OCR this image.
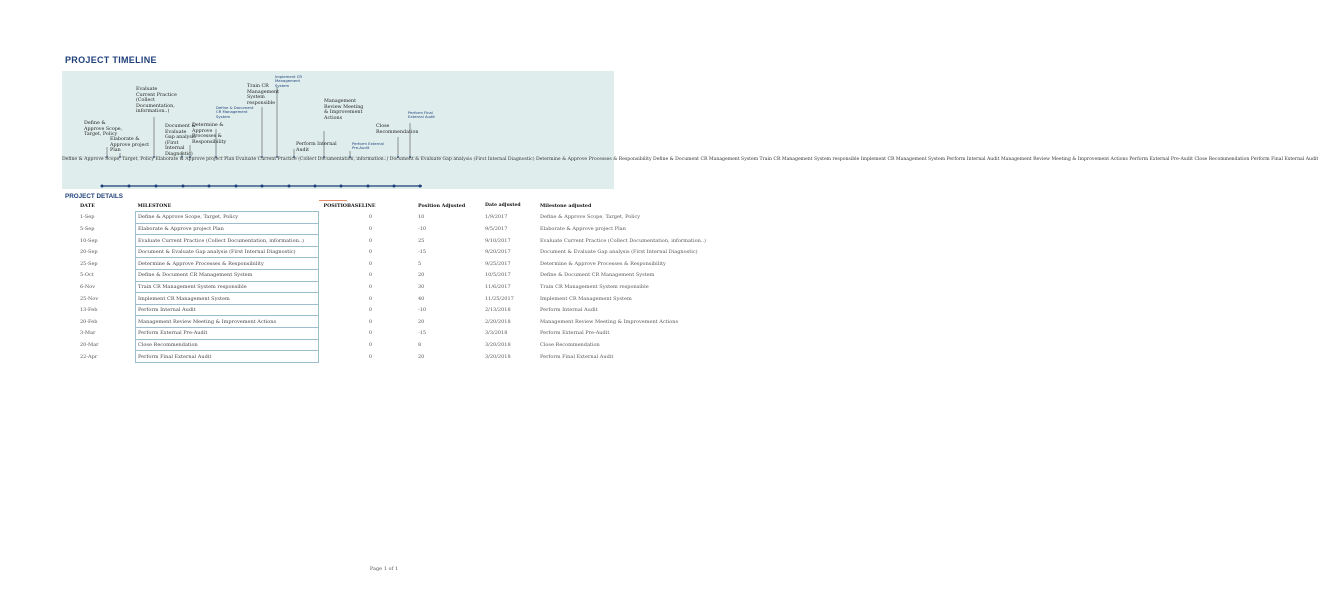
PROJECT TIMELINE
Define & Approve Scope, Target, Policy
Elaborate & Approve project Plan
Evaluate Current Practice (Collect Documentation, information..)
Document & Evaluate Gap analysis (First Internal Diagnostic)
Determine & Approve Processes & Responsibility
Define & Document CR Management System
Train CR Management System responsible
Implement CR Management System
Perform Internal Audit
Management Review Meeting & Improvement Actions
Perform External Pre-Audit
Close Recommendation
Perform Final External Audit
Define & Approve Scope, Target, Policy Elaborate & Approve project Plan Evaluate Current Practice (Collect Documentation, information..) Document & Evaluate Gap analysis (First Internal Diagnostic) Determine & Approve Processes & Responsibility Define & Document CR Management System Train CR Management System responsible Implement CR Management System Perform Internal Audit Management Review Meeting & Improvement Actions Perform External Pre-Audit Close Recommendation Perform Final External Audit
PROJECT DETAILS
DATE	MILESTONE	POSITIO	BASELINE	Position Adjusted	Date adjusted	Milestone adjusted
1-Sep	Define & Approve Scope, Target, Policy		0	10	1/9/2017	Define & Approve Scope, Target, Policy
5-Sep	Elaborate & Approve project Plan		0	-10	9/5/2017	Elaborate & Approve project Plan
10-Sep	Evaluate Current Practice (Collect Documentation, information..)		0	25	9/10/2017	Evaluate Current Practice (Collect Documentation, information..)
20-Sep	Document & Evaluate Gap analysis (First Internal Diagnostic)		0	-15	9/20/2017	Document & Evaluate Gap analysis (First Internal Diagnostic)
25-Sep	Determine & Approve Processes & Responsibility		0	5	9/25/2017	Determine & Approve Processes & Responsibility
5-Oct	Define & Document CR Management System		0	20	10/5/2017	Define & Document CR Management System
6-Nov	Train CR Management System responsible		0	30	11/6/2017	Train CR Management System responsible
25-Nov	Implement CR Management System		0	40	11/25/2017	Implement CR Management System
13-Feb	Perform Internal Audit		0	-10	2/13/2018	Perform Internal Audit
20-Feb	Management Review Meeting & Improvement Actions		0	20	2/20/2018	Management Review Meeting & Improvement Actions
3-Mar	Perform External Pre-Audit		0	-15	3/3/2018	Perform External Pre-Audit
20-Mar	Close Recommendation		0	8	3/20/2018	Close Recommendation
22-Apr	Perform Final External Audit		0	20	3/20/2018	Perform Final External Audit
Page 1 of 1
